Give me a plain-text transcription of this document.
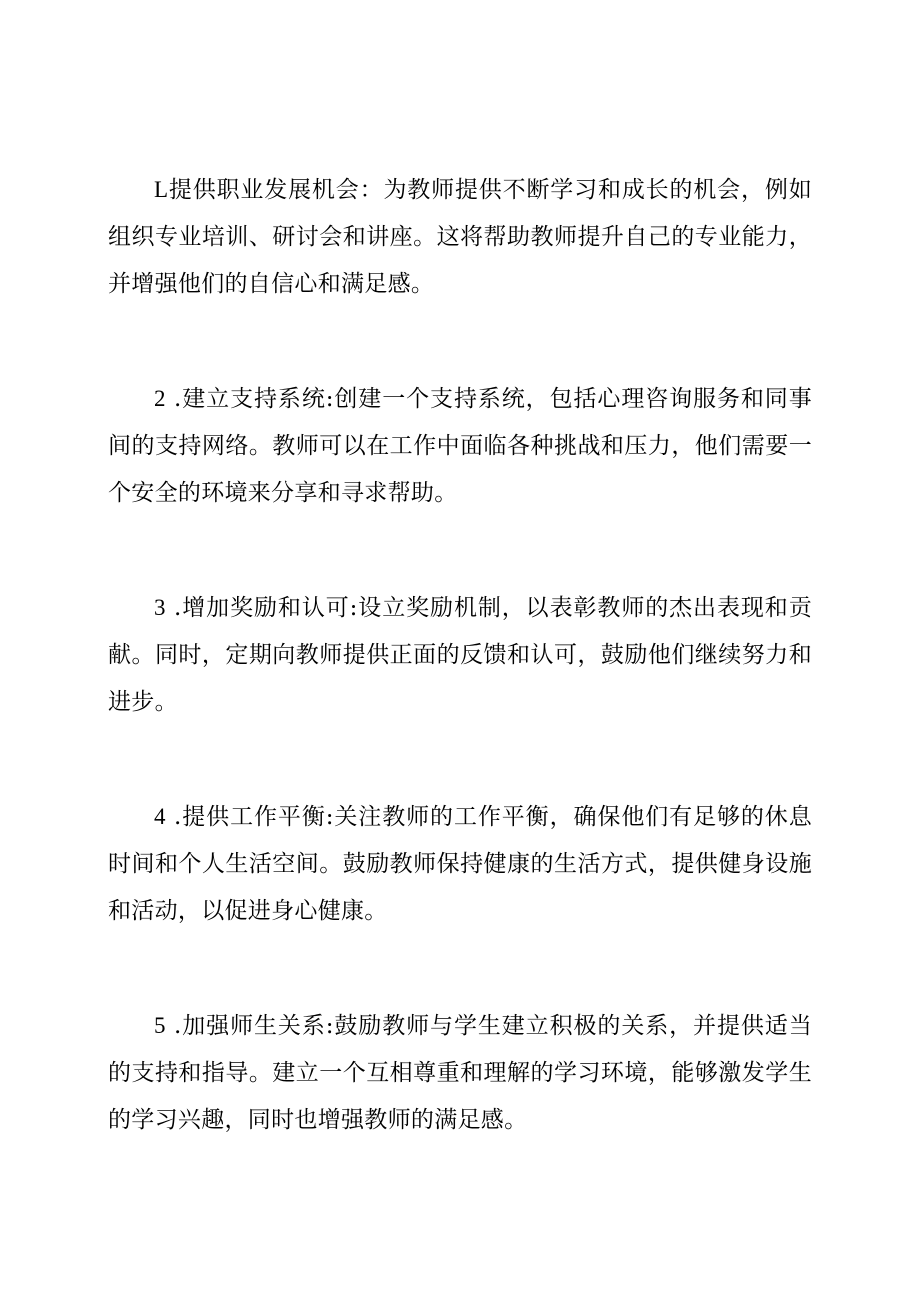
L提供职业发展机会：为教师提供不断学习和成长的机会，例如组织专业培训、研讨会和讲座。这将帮助教师提升自己的专业能力，并增强他们的自信心和满足感。

2 .建立支持系统:创建一个支持系统，包括心理咨询服务和同事间的支持网络。教师可以在工作中面临各种挑战和压力，他们需要一个安全的环境来分享和寻求帮助。

3 .增加奖励和认可:设立奖励机制，以表彰教师的杰出表现和贡献。同时，定期向教师提供正面的反馈和认可，鼓励他们继续努力和进步。

4 .提供工作平衡:关注教师的工作平衡，确保他们有足够的休息时间和个人生活空间。鼓励教师保持健康的生活方式，提供健身设施和活动，以促进身心健康。

5 .加强师生关系:鼓励教师与学生建立积极的关系，并提供适当的支持和指导。建立一个互相尊重和理解的学习环境，能够激发学生的学习兴趣，同时也增强教师的满足感。
